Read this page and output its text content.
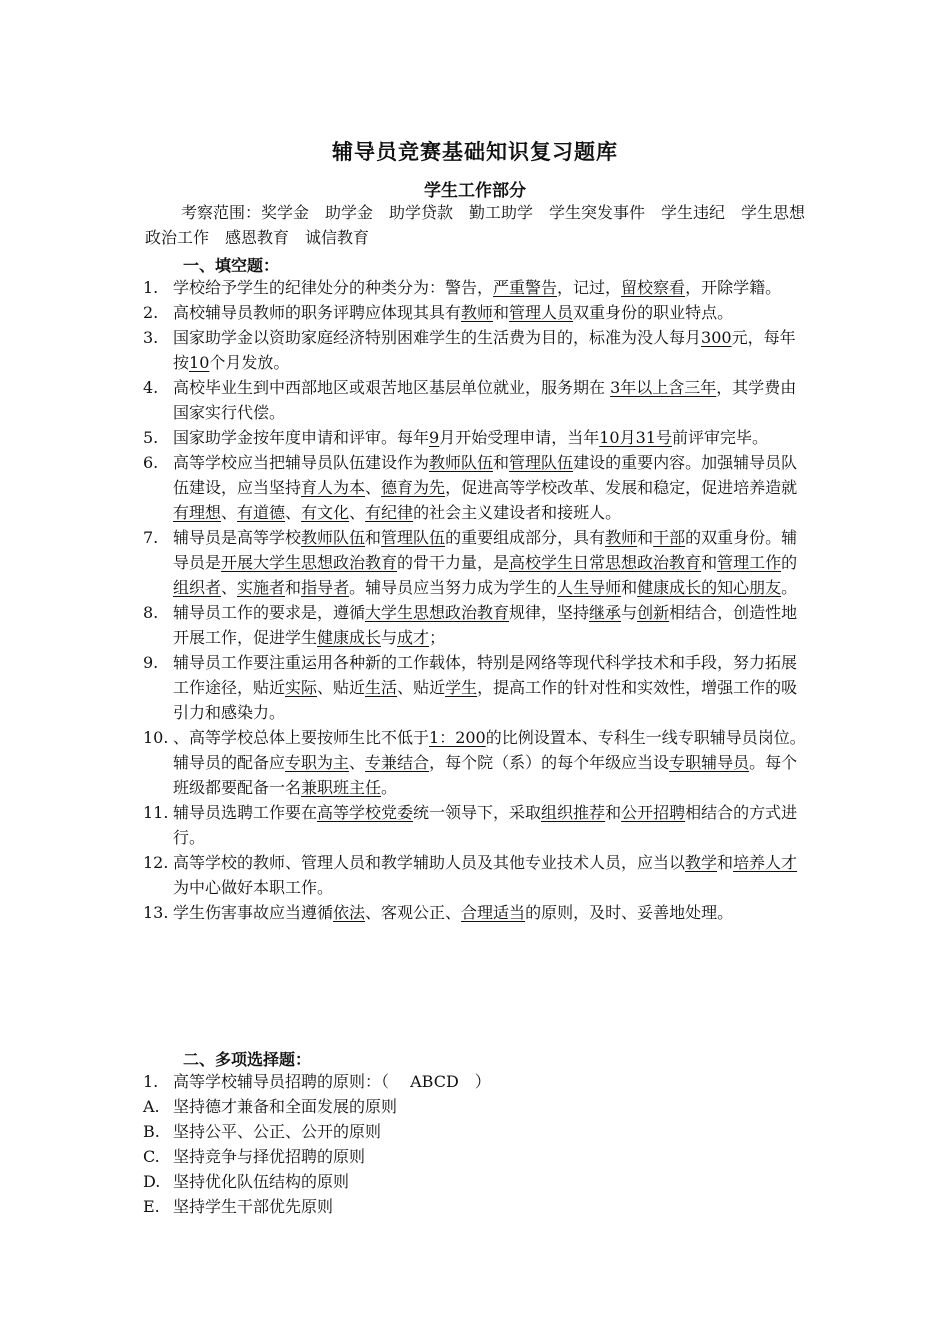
辅导员竞赛基础知识复习题库
学生工作部分
考察范围：奖学金　助学金　助学贷款　勤工助学　学生突发事件　学生违纪　学生思想政治工作　感恩教育　诚信教育
一、填空题：
1. 学校给予学生的纪律处分的种类分为：警告，严重警告，记过，留校察看，开除学籍。
2. 高校辅导员教师的职务评聘应体现其具有教师和管理人员双重身份的职业特点。
3. 国家助学金以资助家庭经济特别困难学生的生活费为目的，标准为没人每月300元，每年按10个月发放。
4. 高校毕业生到中西部地区或艰苦地区基层单位就业，服务期在 3年以上含三年，其学费由国家实行代偿。
5. 国家助学金按年度申请和评审。每年9月开始受理申请，当年10月31号前评审完毕。
6. 高等学校应当把辅导员队伍建设作为教师队伍和管理队伍建设的重要内容。加强辅导员队伍建设，应当坚持育人为本、德育为先，促进高等学校改革、发展和稳定，促进培养造就有理想、有道德、有文化、有纪律的社会主义建设者和接班人。
7. 辅导员是高等学校教师队伍和管理队伍的重要组成部分，具有教师和干部的双重身份。辅导员是开展大学生思想政治教育的骨干力量，是高校学生日常思想政治教育和管理工作的组织者、实施者和指导者。辅导员应当努力成为学生的人生导师和健康成长的知心朋友。
8. 辅导员工作的要求是，遵循大学生思想政治教育规律，坚持继承与创新相结合，创造性地开展工作，促进学生健康成长与成才；
9. 辅导员工作要注重运用各种新的工作载体，特别是网络等现代科学技术和手段，努力拓展工作途径，贴近实际、贴近生活、贴近学生，提高工作的针对性和实效性，增强工作的吸引力和感染力。
10. 、高等学校总体上要按师生比不低于1：200的比例设置本、专科生一线专职辅导员岗位。辅导员的配备应专职为主、专兼结合，每个院（系）的每个年级应当设专职辅导员。每个班级都要配备一名兼职班主任。
11. 辅导员选聘工作要在高等学校党委统一领导下，采取组织推荐和公开招聘相结合的方式进行。
12. 高等学校的教师、管理人员和教学辅助人员及其他专业技术人员，应当以教学和培养人才为中心做好本职工作。
13. 学生伤害事故应当遵循依法、客观公正、合理适当的原则，及时、妥善地处理。
二、多项选择题：
1. 高等学校辅导员招聘的原则：（　 ABCD　）
A. 坚持德才兼备和全面发展的原则
B. 坚持公平、公正、公开的原则
C. 坚持竞争与择优招聘的原则
D. 坚持优化队伍结构的原则
E. 坚持学生干部优先原则
